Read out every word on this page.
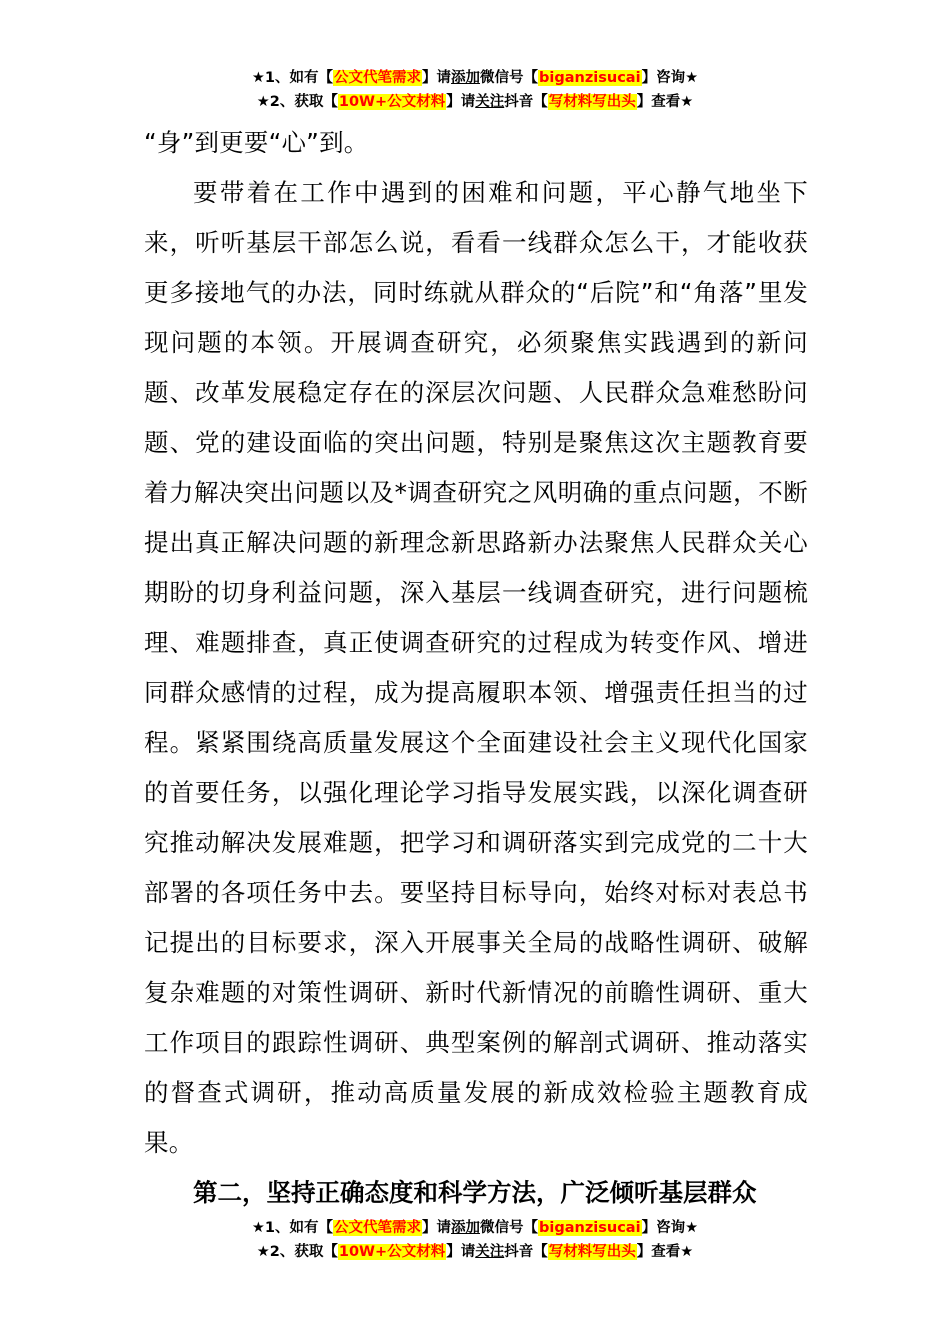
★1、如有【公文代笔需求】请添加微信号【biganzisucai】咨询★
★2、获取【10W+公文材料】请关注抖音【写材料写出头】查看★

“身”到更要“心”到。

要带着在工作中遇到的困难和问题，平心静气地坐下来，听听基层干部怎么说，看看一线群众怎么干，才能收获更多接地气的办法，同时练就从群众的“后院”和“角落”里发现问题的本领。开展调查研究，必须聚焦实践遇到的新问题、改革发展稳定存在的深层次问题、人民群众急难愁盼问题、党的建设面临的突出问题，特别是聚焦这次主题教育要着力解决突出问题以及*调查研究之风明确的重点问题，不断提出真正解决问题的新理念新思路新办法聚焦人民群众关心期盼的切身利益问题，深入基层一线调查研究，进行问题梳理、难题排查，真正使调查研究的过程成为转变作风、增进同群众感情的过程，成为提高履职本领、增强责任担当的过程。紧紧围绕高质量发展这个全面建设社会主义现代化国家的首要任务，以强化理论学习指导发展实践，以深化调查研究推动解决发展难题，把学习和调研落实到完成党的二十大部署的各项任务中去。要坚持目标导向，始终对标对表总书记提出的目标要求，深入开展事关全局的战略性调研、破解复杂难题的对策性调研、新时代新情况的前瞻性调研、重大工作项目的跟踪性调研、典型案例的解剖式调研、推动落实的督查式调研，推动高质量发展的新成效检验主题教育成果。

第二，坚持正确态度和科学方法，广泛倾听基层群众

★1、如有【公文代笔需求】请添加微信号【biganzisucai】咨询★
★2、获取【10W+公文材料】请关注抖音【写材料写出头】查看★
